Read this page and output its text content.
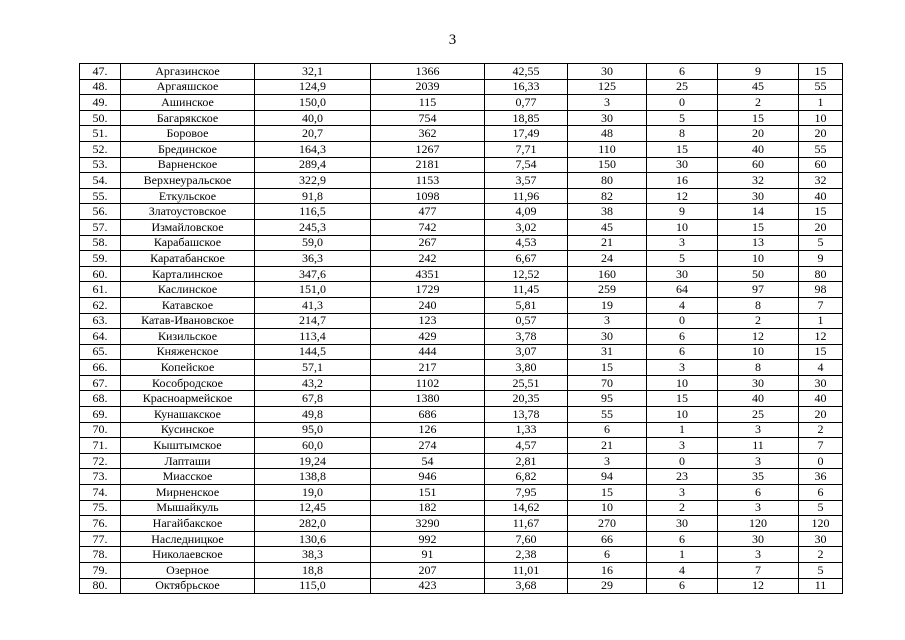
3
47.	Аргазинское	32,1	1366	42,55	30	6	9	15
48.	Аргаяшское	124,9	2039	16,33	125	25	45	55
49.	Ашинское	150,0	115	0,77	3	0	2	1
50.	Багарякское	40,0	754	18,85	30	5	15	10
51.	Боровое	20,7	362	17,49	48	8	20	20
52.	Брединское	164,3	1267	7,71	110	15	40	55
53.	Варненское	289,4	2181	7,54	150	30	60	60
54.	Верхнеуральское	322,9	1153	3,57	80	16	32	32
55.	Еткульское	91,8	1098	11,96	82	12	30	40
56.	Златоустовское	116,5	477	4,09	38	9	14	15
57.	Измайловское	245,3	742	3,02	45	10	15	20
58.	Карабашское	59,0	267	4,53	21	3	13	5
59.	Каратабанское	36,3	242	6,67	24	5	10	9
60.	Карталинское	347,6	4351	12,52	160	30	50	80
61.	Каслинское	151,0	1729	11,45	259	64	97	98
62.	Катавское	41,3	240	5,81	19	4	8	7
63.	Катав-Ивановское	214,7	123	0,57	3	0	2	1
64.	Кизильское	113,4	429	3,78	30	6	12	12
65.	Княженское	144,5	444	3,07	31	6	10	15
66.	Копейское	57,1	217	3,80	15	3	8	4
67.	Кособродское	43,2	1102	25,51	70	10	30	30
68.	Красноармейское	67,8	1380	20,35	95	15	40	40
69.	Кунашакское	49,8	686	13,78	55	10	25	20
70.	Кусинское	95,0	126	1,33	6	1	3	2
71.	Кыштымское	60,0	274	4,57	21	3	11	7
72.	Лапташи	19,24	54	2,81	3	0	3	0
73.	Миасское	138,8	946	6,82	94	23	35	36
74.	Мирненское	19,0	151	7,95	15	3	6	6
75.	Мышайкуль	12,45	182	14,62	10	2	3	5
76.	Нагайбакское	282,0	3290	11,67	270	30	120	120
77.	Наследницкое	130,6	992	7,60	66	6	30	30
78.	Николаевское	38,3	91	2,38	6	1	3	2
79.	Озерное	18,8	207	11,01	16	4	7	5
80.	Октябрьское	115,0	423	3,68	29	6	12	11
